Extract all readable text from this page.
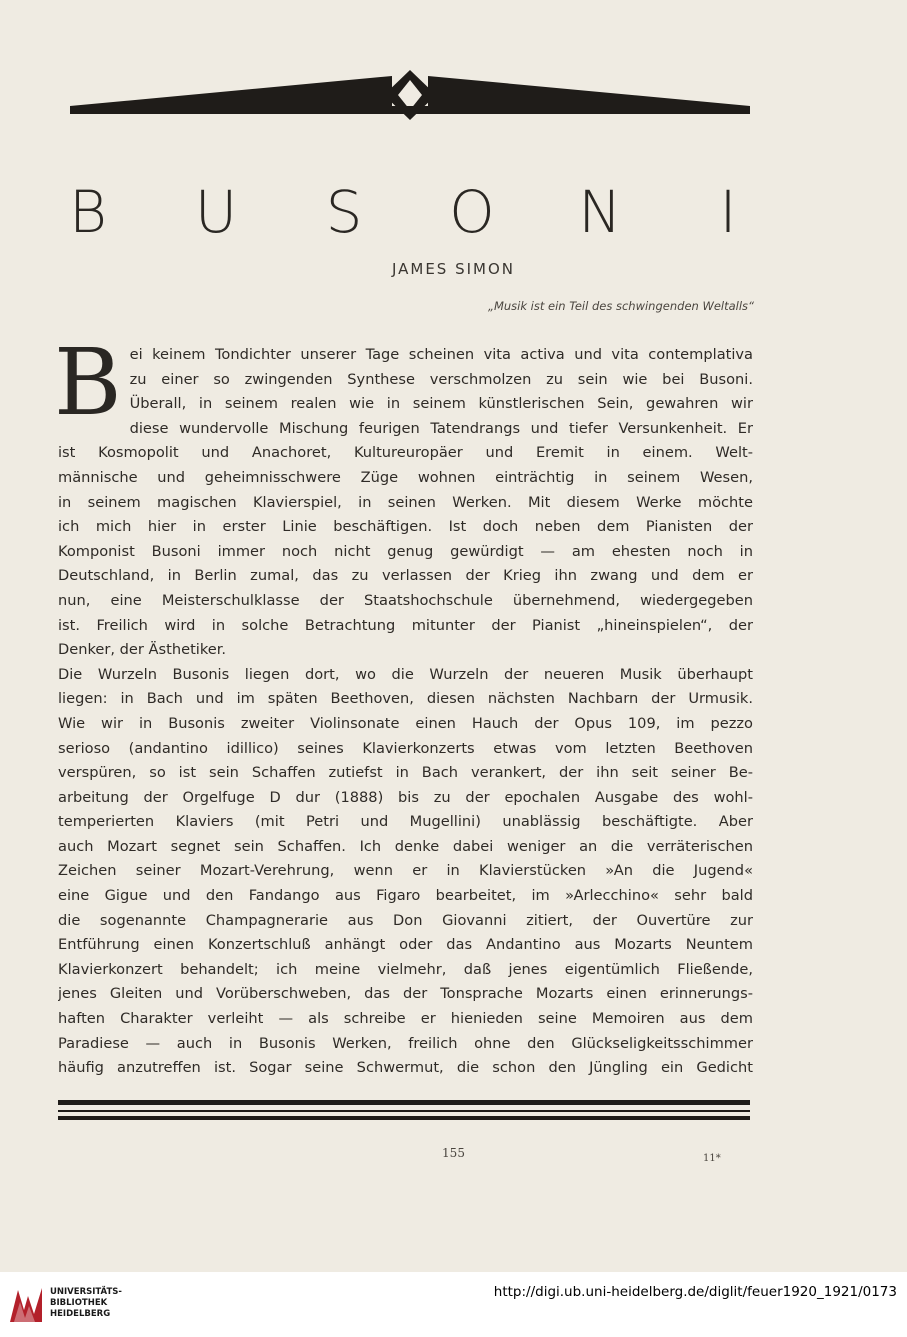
B U S O N	I
JAMES SIMON
„Musik ist ein Teil des schwingenden Weltalls“
B ei keinem Tondichter unserer Tage scheinen vita activa und vita contemplativa
zu einer so zwingenden Synthese verschmolzen zu sein wie bei Busoni.
Überall, in seinem realen wie in seinem künstlerischen Sein, gewahren wir
diese wundervolle Mischung feurigen Tatendrangs und tiefer Versunkenheit. Er
ist Kosmopolit und Anachoret, Kultureuropäer und Eremit in einem. Welt-
männische und geheimnisschwere Züge wohnen einträchtig in seinem Wesen,
in seinem magischen Klavierspiel, in seinen Werken. Mit diesem Werke möchte
ich mich hier in erster Linie beschäftigen. Ist doch neben dem Pianisten der
Komponist Busoni immer noch nicht genug gewürdigt — am ehesten noch in
Deutschland, in Berlin zumal, das zu verlassen der Krieg ihn zwang und dem er
nun, eine Meisterschulklasse der Staatshochschule übernehmend, wiedergegeben
ist. Freilich wird in solche Betrachtung mitunter der Pianist „hineinspielen“, der
Denker, der Ästhetiker.
Die Wurzeln Busonis liegen dort, wo die Wurzeln der neueren Musik überhaupt
liegen: in Bach und im späten Beethoven, diesen nächsten Nachbarn der Urmusik.
Wie wir in Busonis zweiter Violinsonate einen Hauch der Opus 109, im pezzo
serioso (andantino idillico) seines Klavierkonzerts etwas vom letzten Beethoven
verspüren, so ist sein Schaffen zutiefst in Bach verankert, der ihn seit seiner Be-
arbeitung der Orgelfuge D dur (1888) bis zu der epochalen Ausgabe des wohl-
temperierten Klaviers (mit Petri und Mugellini) unablässig beschäftigte. Aber
auch Mozart segnet sein Schaffen. Ich denke dabei weniger an die verräterischen
Zeichen seiner Mozart-Verehrung, wenn er in Klavierstücken »An die Jugend«
eine Gigue und den Fandango aus Figaro bearbeitet, im »Arlecchino« sehr bald
die sogenannte Champagnerarie aus Don Giovanni zitiert, der Ouvertüre zur
Entführung einen Konzertschluß anhängt oder das Andantino aus Mozarts Neuntem
Klavierkonzert behandelt; ich meine vielmehr, daß jenes eigentümlich Fließende,
jenes Gleiten und Vorüberschweben, das der Tonsprache Mozarts einen erinnerungs-
haften Charakter verleiht — als schreibe er hienieden seine Memoiren aus dem
Paradiese — auch in Busonis Werken, freilich ohne den Glückseligkeitsschimmer
häufig anzutreffen ist. Sogar seine Schwermut, die schon den Jüngling ein Gedicht
155	11*
UNIVERSITÄTS-
BIBLIOTHEK
HEIDELBERG
http://digi.ub.uni-heidelberg.de/diglit/feuer1920_1921/0173
